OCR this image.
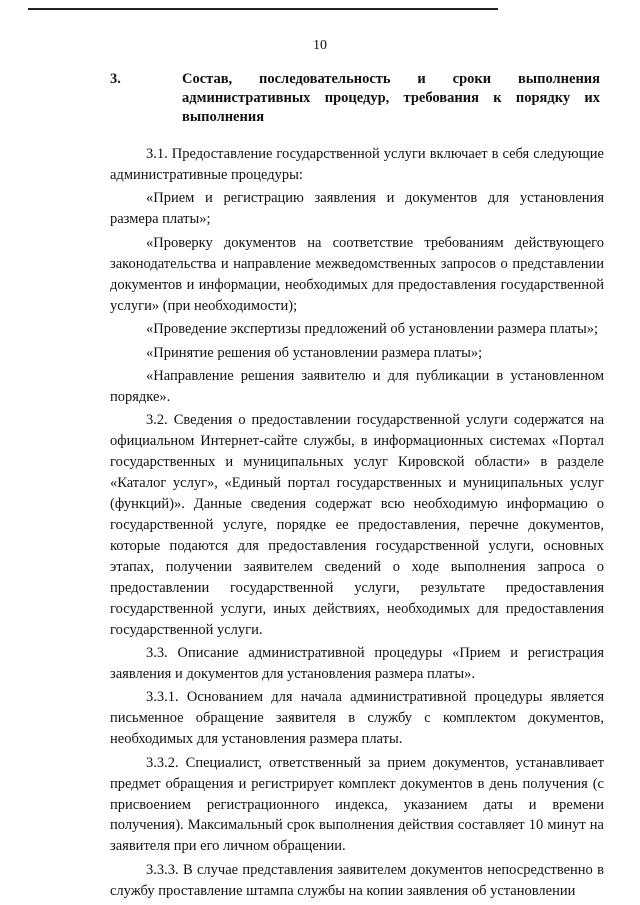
10
3.	Состав, последовательность и сроки выполнения административных процедур, требования к порядку их выполнения

3.1. Предоставление государственной услуги включает в себя следующие административные процедуры:

«Прием и регистрацию заявления и документов для установления размера платы»;

«Проверку документов на соответствие требованиям действующего законодательства и направление межведомственных запросов о представлении документов и информации, необходимых для предоставления государственной услуги» (при необходимости);

«Проведение экспертизы предложений об установлении размера платы»;

«Принятие решения об установлении размера платы»;

«Направление решения заявителю и для публикации в установленном порядке».

3.2. Сведения о предоставлении государственной услуги содержатся на официальном Интернет-сайте службы, в информационных системах «Портал государственных и муниципальных услуг Кировской области» в разделе «Каталог услуг», «Единый портал государственных и муниципальных услуг (функций)». Данные сведения содержат всю необходимую информацию о государственной услуге, порядке ее предоставления, перечне документов, которые подаются для предоставления государственной услуги, основных этапах, получении заявителем сведений о ходе выполнения запроса о предоставлении государственной услуги, результате предоставления государственной услуги, иных действиях, необходимых для предоставления государственной услуги.

3.3. Описание административной процедуры «Прием и регистрация заявления и документов для установления размера платы».

3.3.1. Основанием для начала административной процедуры является письменное обращение заявителя в службу с комплектом документов, необходимых для установления размера платы.

3.3.2. Специалист, ответственный за прием документов, устанавливает предмет обращения и регистрирует комплект документов в день получения (с присвоением регистрационного индекса, указанием даты и времени получения). Максимальный срок выполнения действия составляет 10 минут на заявителя при его личном обращении.

3.3.3. В случае представления заявителем документов непосредственно в службу проставление штампа службы на копии заявления об установлении
